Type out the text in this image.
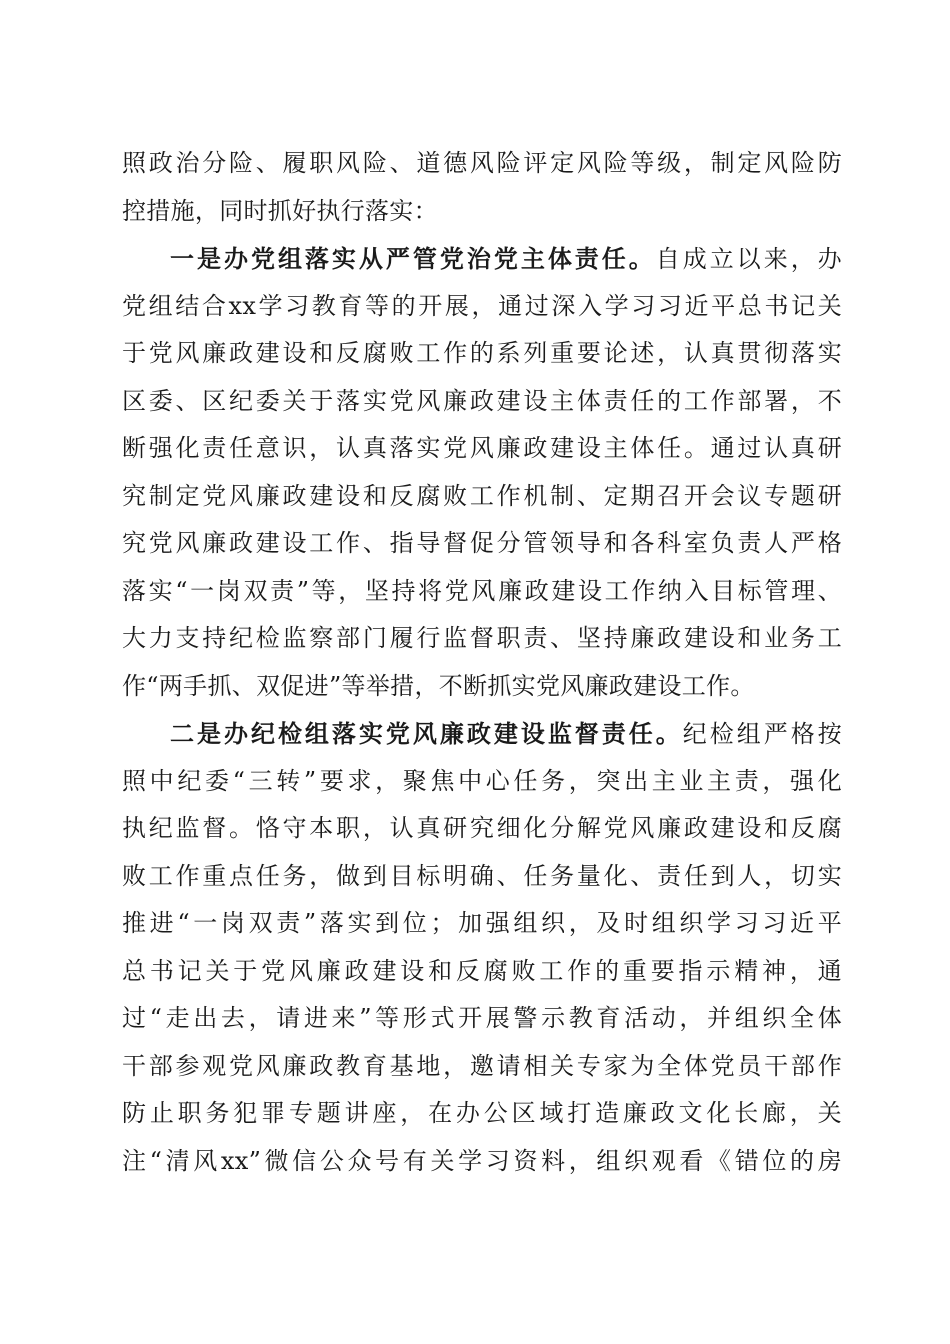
照政治分险、履职风险、道德风险评定风险等级，制定风险防
控措施，同时抓好执行落实：
一是办党组落实从严管党治党主体责任。自成立以来，办
党组结合xx学习教育等的开展，通过深入学习习近平总书记关
于党风廉政建设和反腐败工作的系列重要论述，认真贯彻落实
区委、区纪委关于落实党风廉政建设主体责任的工作部署，不
断强化责任意识，认真落实党风廉政建设主体任。通过认真研
究制定党风廉政建设和反腐败工作机制、定期召开会议专题研
究党风廉政建设工作、指导督促分管领导和各科室负责人严格
落实“一岗双责”等，坚持将党风廉政建设工作纳入目标管理、
大力支持纪检监察部门履行监督职责、坚持廉政建设和业务工
作“两手抓、双促进”等举措，不断抓实党风廉政建设工作。
二是办纪检组落实党风廉政建设监督责任。纪检组严格按
照中纪委“三转”要求，聚焦中心任务，突出主业主责，强化
执纪监督。恪守本职，认真研究细化分解党风廉政建设和反腐
败工作重点任务，做到目标明确、任务量化、责任到人，切实
推进“一岗双责”落实到位；加强组织，及时组织学习习近平
总书记关于党风廉政建设和反腐败工作的重要指示精神，通
过“走出去，请进来”等形式开展警示教育活动，并组织全体
干部参观党风廉政教育基地，邀请相关专家为全体党员干部作
防止职务犯罪专题讲座，在办公区域打造廉政文化长廊，关
注“清风xx”微信公众号有关学习资料，组织观看《错位的房
